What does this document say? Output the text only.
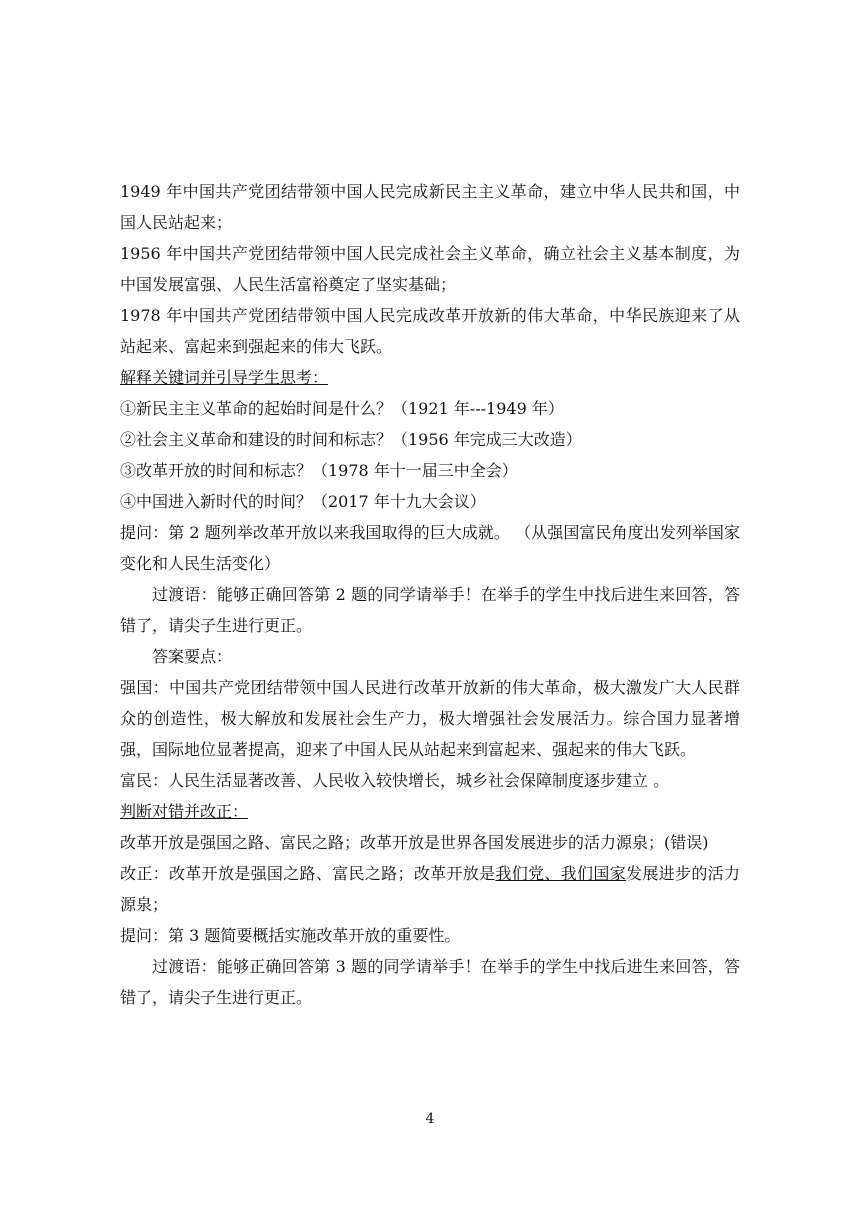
1949 年中国共产党团结带领中国人民完成新民主主义革命，建立中华人民共和国，中国人民站起来；

1956 年中国共产党团结带领中国人民完成社会主义革命，确立社会主义基本制度，为中国发展富强、人民生活富裕奠定了坚实基础；

1978 年中国共产党团结带领中国人民完成改革开放新的伟大革命，中华民族迎来了从站起来、富起来到强起来的伟大飞跃。

解释关键词并引导学生思考：

①新民主主义革命的起始时间是什么？（1921 年---1949 年）

②社会主义革命和建设的时间和标志？（1956 年完成三大改造）

③改革开放的时间和标志？（1978 年十一届三中全会）

④中国进入新时代的时间？（2017 年十九大会议）

提问：第 2 题列举改革开放以来我国取得的巨大成就。 （从强国富民角度出发列举国家变化和人民生活变化）

过渡语：能够正确回答第 2 题的同学请举手！在举手的学生中找后进生来回答，答错了，请尖子生进行更正。

答案要点：

强国：中国共产党团结带领中国人民进行改革开放新的伟大革命，极大激发广大人民群众的创造性，极大解放和发展社会生产力，极大增强社会发展活力。综合国力显著增强，国际地位显著提高，迎来了中国人民从站起来到富起来、强起来的伟大飞跃。

富民：人民生活显著改善、人民收入较快增长，城乡社会保障制度逐步建立 。

判断对错并改正：

改革开放是强国之路、富民之路；改革开放是世界各国发展进步的活力源泉；(错误)

改正：改革开放是强国之路、富民之路；改革开放是我们党、我们国家发展进步的活力源泉；

提问：第 3 题简要概括实施改革开放的重要性。

过渡语：能够正确回答第 3 题的同学请举手！在举手的学生中找后进生来回答，答错了，请尖子生进行更正。

4
